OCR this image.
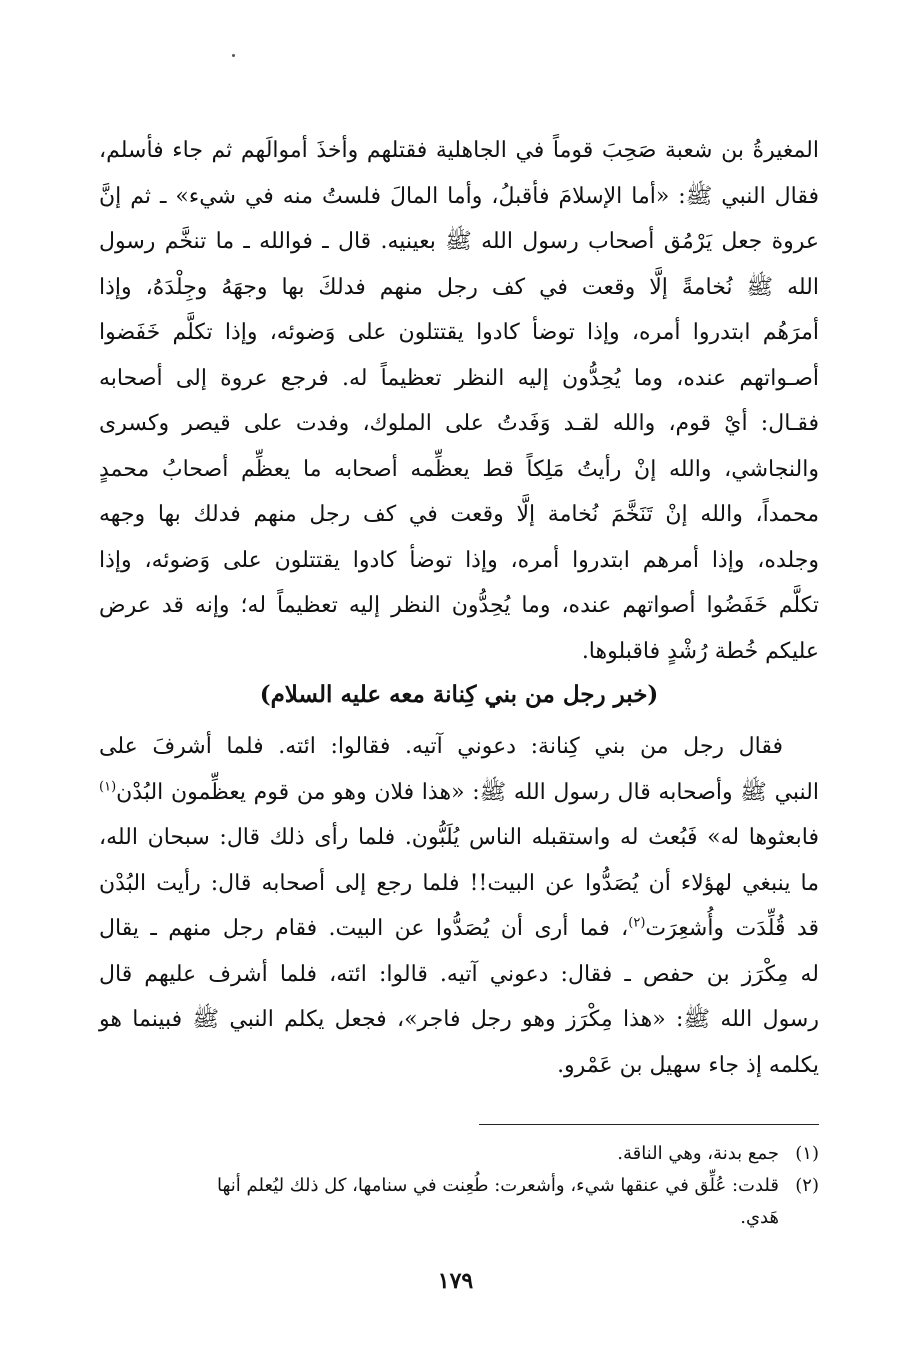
المغيرةُ بن شعبة صَحِبَ قوماً في الجاهلية فقتلهم وأخذَ أموالَهم ثم جاء فأسلم،
فقال النبي ﷺ: «أما الإسلامَ فأقبلُ، وأما المالَ فلستُ منه في شيء» ـ ثم إنَّ
عروة جعل يَرْمُق أصحاب رسول الله ﷺ بعينيه. قال ـ فوالله ـ ما تنخَّم رسول
الله ﷺ نُخامةً إلَّا وقعت في كف رجل منهم فدلكَ بها وجهَهُ وجِلْدَهُ، وإذا
أمرَهُم ابتدروا أمره، وإذا توضأ كادوا يقتتلون على وَضوئه، وإذا تكلَّم خَفَضوا
أصـواتهم عنده، وما يُحِدُّون إليه النظر تعظيماً له. فرجع عروة إلى أصحابه
فقـال: أيْ قوم، والله لقـد وَفَدتُ على الملوك، وفدت على قيصر وكسرى
والنجاشي، والله إنْ رأيتُ مَلِكاً قط يعظِّمه أصحابه ما يعظِّم أصحابُ محمدٍ
محمداً، والله إنْ تَنَخَّمَ نُخامة إلَّا وقعت في كف رجل منهم فدلك بها وجهه
وجلده، وإذا أمرهم ابتدروا أمره، وإذا توضأ كادوا يقتتلون على وَضوئه، وإذا
تكلَّم خَفَضُوا أصواتهم عنده، وما يُحِدُّون النظر إليه تعظيماً له؛ وإنه قد عرض
عليكم خُطة رُشْدٍ فاقبلوها.
(خبر رجل من بني كِنانة معه عليه السلام)
فقال رجل من بني كِنانة: دعوني آتيه. فقالوا: ائته. فلما أشرفَ على
النبي ﷺ وأصحابه قال رسول الله ﷺ: «هذا فلان وهو من قوم يعظِّمون البُدْن$^{(١)}$
فابعثوها له» فَبُعث له واستقبله الناس يُلَبُّون. فلما رأى ذلك قال: سبحان الله،
ما ينبغي لهؤلاء أن يُصَدُّوا عن البيت!! فلما رجع إلى أصحابه قال: رأيت البُدْن
قد قُلِّدَت وأُشعِرَت$^{(٢)}$، فما أرى أن يُصَدُّوا عن البيت. فقام رجل منهم ـ يقال
له مِكْرَز بن حفص ـ فقال: دعوني آتيه. قالوا: ائته، فلما أشرف عليهم قال
رسول الله ﷺ: «هذا مِكْرَز وهو رجل فاجر»، فجعل يكلم النبي ﷺ فبينما هو
يكلمه إذ جاء سهيل بن عَمْرو.
(١)
جمع بدنة، وهي الناقة.
(٢)
قلدت: عُلِّق في عنقها شيء، وأشعرت: طُعِنت في سنامها، كل ذلك ليُعلم أنها
هَدي.
١٧٩
